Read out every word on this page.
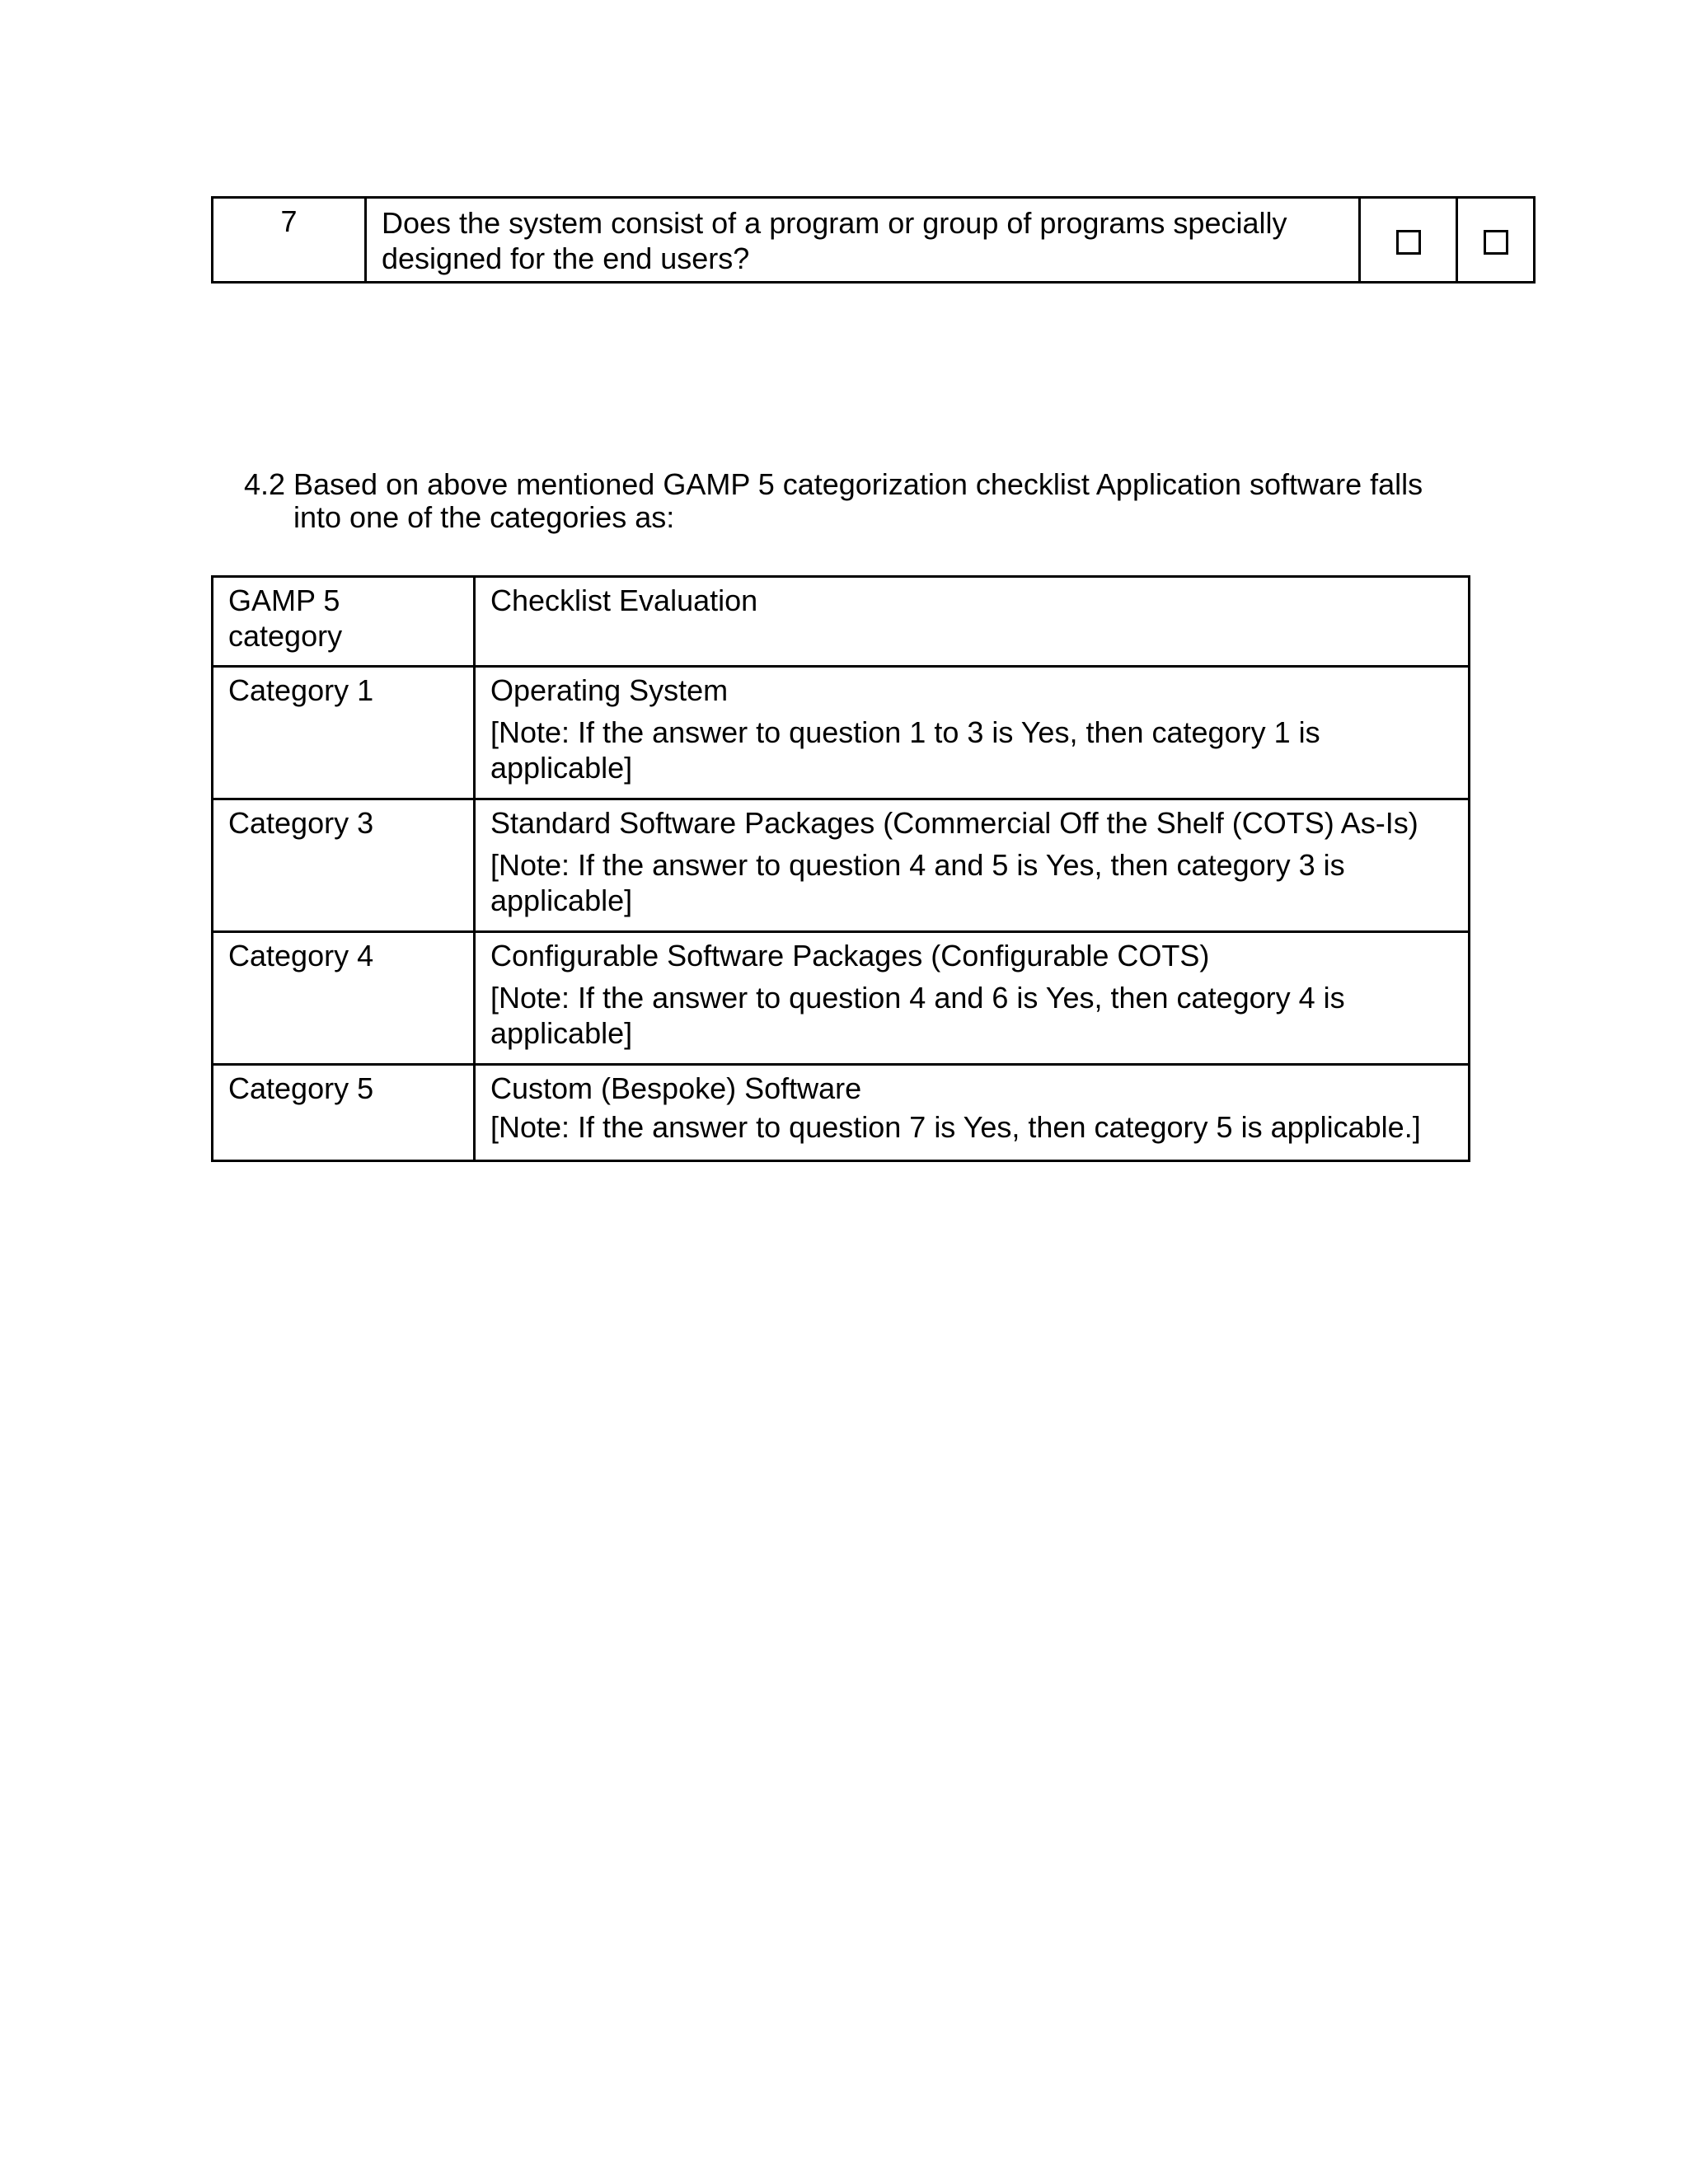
7	Does the system consist of a program or group of programs specially designed for the end users?		
4.2 Based on above mentioned GAMP 5 categorization checklist Application software falls
into one of the categories as:
GAMP 5 category	Checklist Evaluation
Category 1	Operating System
[Note: If the answer to question 1 to 3 is Yes, then category 1 is applicable]

Category 3	Standard Software Packages (Commercial Off the Shelf (COTS) As-Is)
[Note: If the answer to question 4 and 5 is Yes, then category 3 is applicable]

Category 4	Configurable Software Packages (Configurable COTS)
[Note: If the answer to question 4 and 6 is Yes, then category 4 is applicable]

Category 5	Custom (Bespoke) Software
[Note: If the answer to question 7 is Yes, then category 5 is applicable.]
